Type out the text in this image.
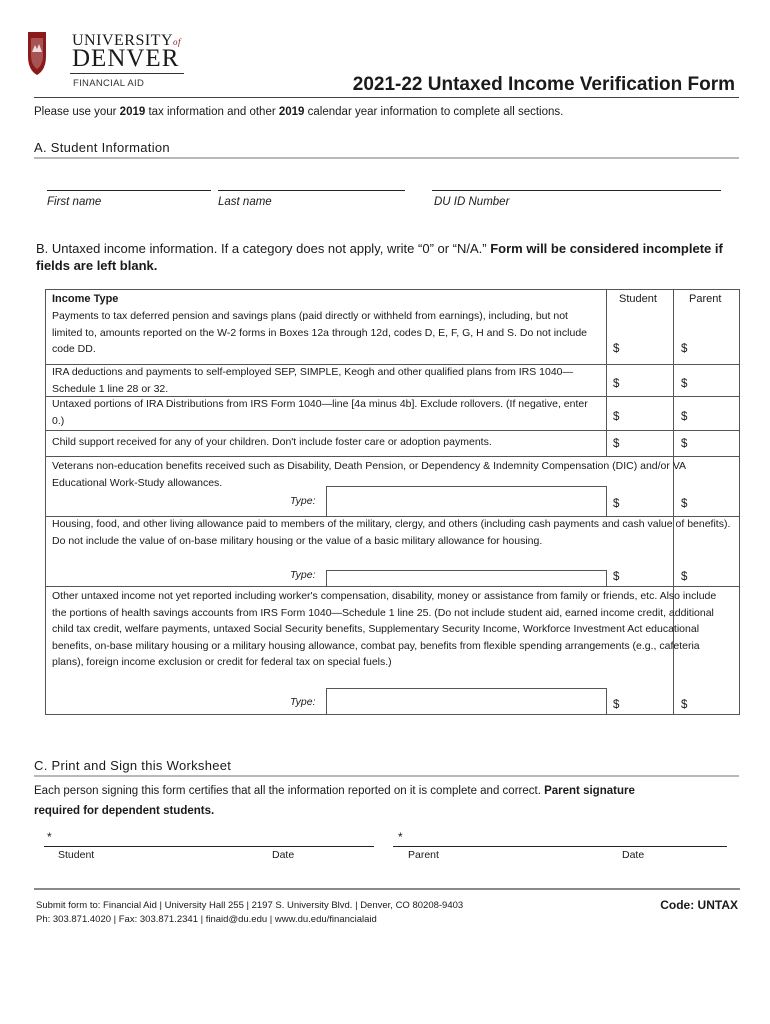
UNIVERSITYof
DENVER
FINANCIAL AID	2021-22 Untaxed Income Verification Form
Please use your 2019 tax information and other 2019 calendar year information to complete all sections.
A. Student Information
First name	Last name	DU ID Number
B. Untaxed income information. If a category does not apply, write “0” or “N/A.” Form will be considered incomplete if fields are left blank.
Income Type	Student	Parent
Payments to tax deferred pension and savings plans (paid directly or withheld from earnings), including, but not limited to, amounts reported on the W-2 forms in Boxes 12a through 12d, codes D, E, F, G, H and S. Do not include code DD.	$	$
IRA deductions and payments to self-employed SEP, SIMPLE, Keogh and other qualified plans from IRS 1040—Schedule 1 line 28 or 32.	$	$
Untaxed portions of IRA Distributions from IRS Form 1040—line [4a minus 4b]. Exclude rollovers. (If negative, enter 0.)	$	$
Child support received for any of your children. Don't include foster care or adoption payments.	$	$
Veterans non-education benefits received such as Disability, Death Pension, or Dependency & Indemnity Compensation (DIC) and/or VA Educational Work-Study allowances.
Type:	$	$
Housing, food, and other living allowance paid to members of the military, clergy, and others (including cash payments and cash value of benefits). Do not include the value of on-base military housing or the value of a basic military allowance for housing.
Type:	$	$
Other untaxed income not yet reported including worker's compensation, disability, money or assistance from family or friends, etc. Also include the portions of health savings accounts from IRS Form 1040—Schedule 1 line 25. (Do not include student aid, earned income credit, additional child tax credit, welfare payments, untaxed Social Security benefits, Supplementary Security Income, Workforce Investment Act educational benefits, on-base military housing or a military housing allowance, combat pay, benefits from flexible spending arrangements (e.g., cafeteria plans), foreign income exclusion or credit for federal tax on special fuels.)
Type:	$	$
C. Print and Sign this Worksheet
Each person signing this form certifies that all the information reported on it is complete and correct. Parent signature required for dependent students.
*
Student	Date
*
Parent	Date
Submit form to: Financial Aid | University Hall 255 | 2197 S. University Blvd. | Denver, CO 80208-9403
Ph: 303.871.4020 | Fax: 303.871.2341 | finaid@du.edu | www.du.edu/financialaid
Code: UNTAX
